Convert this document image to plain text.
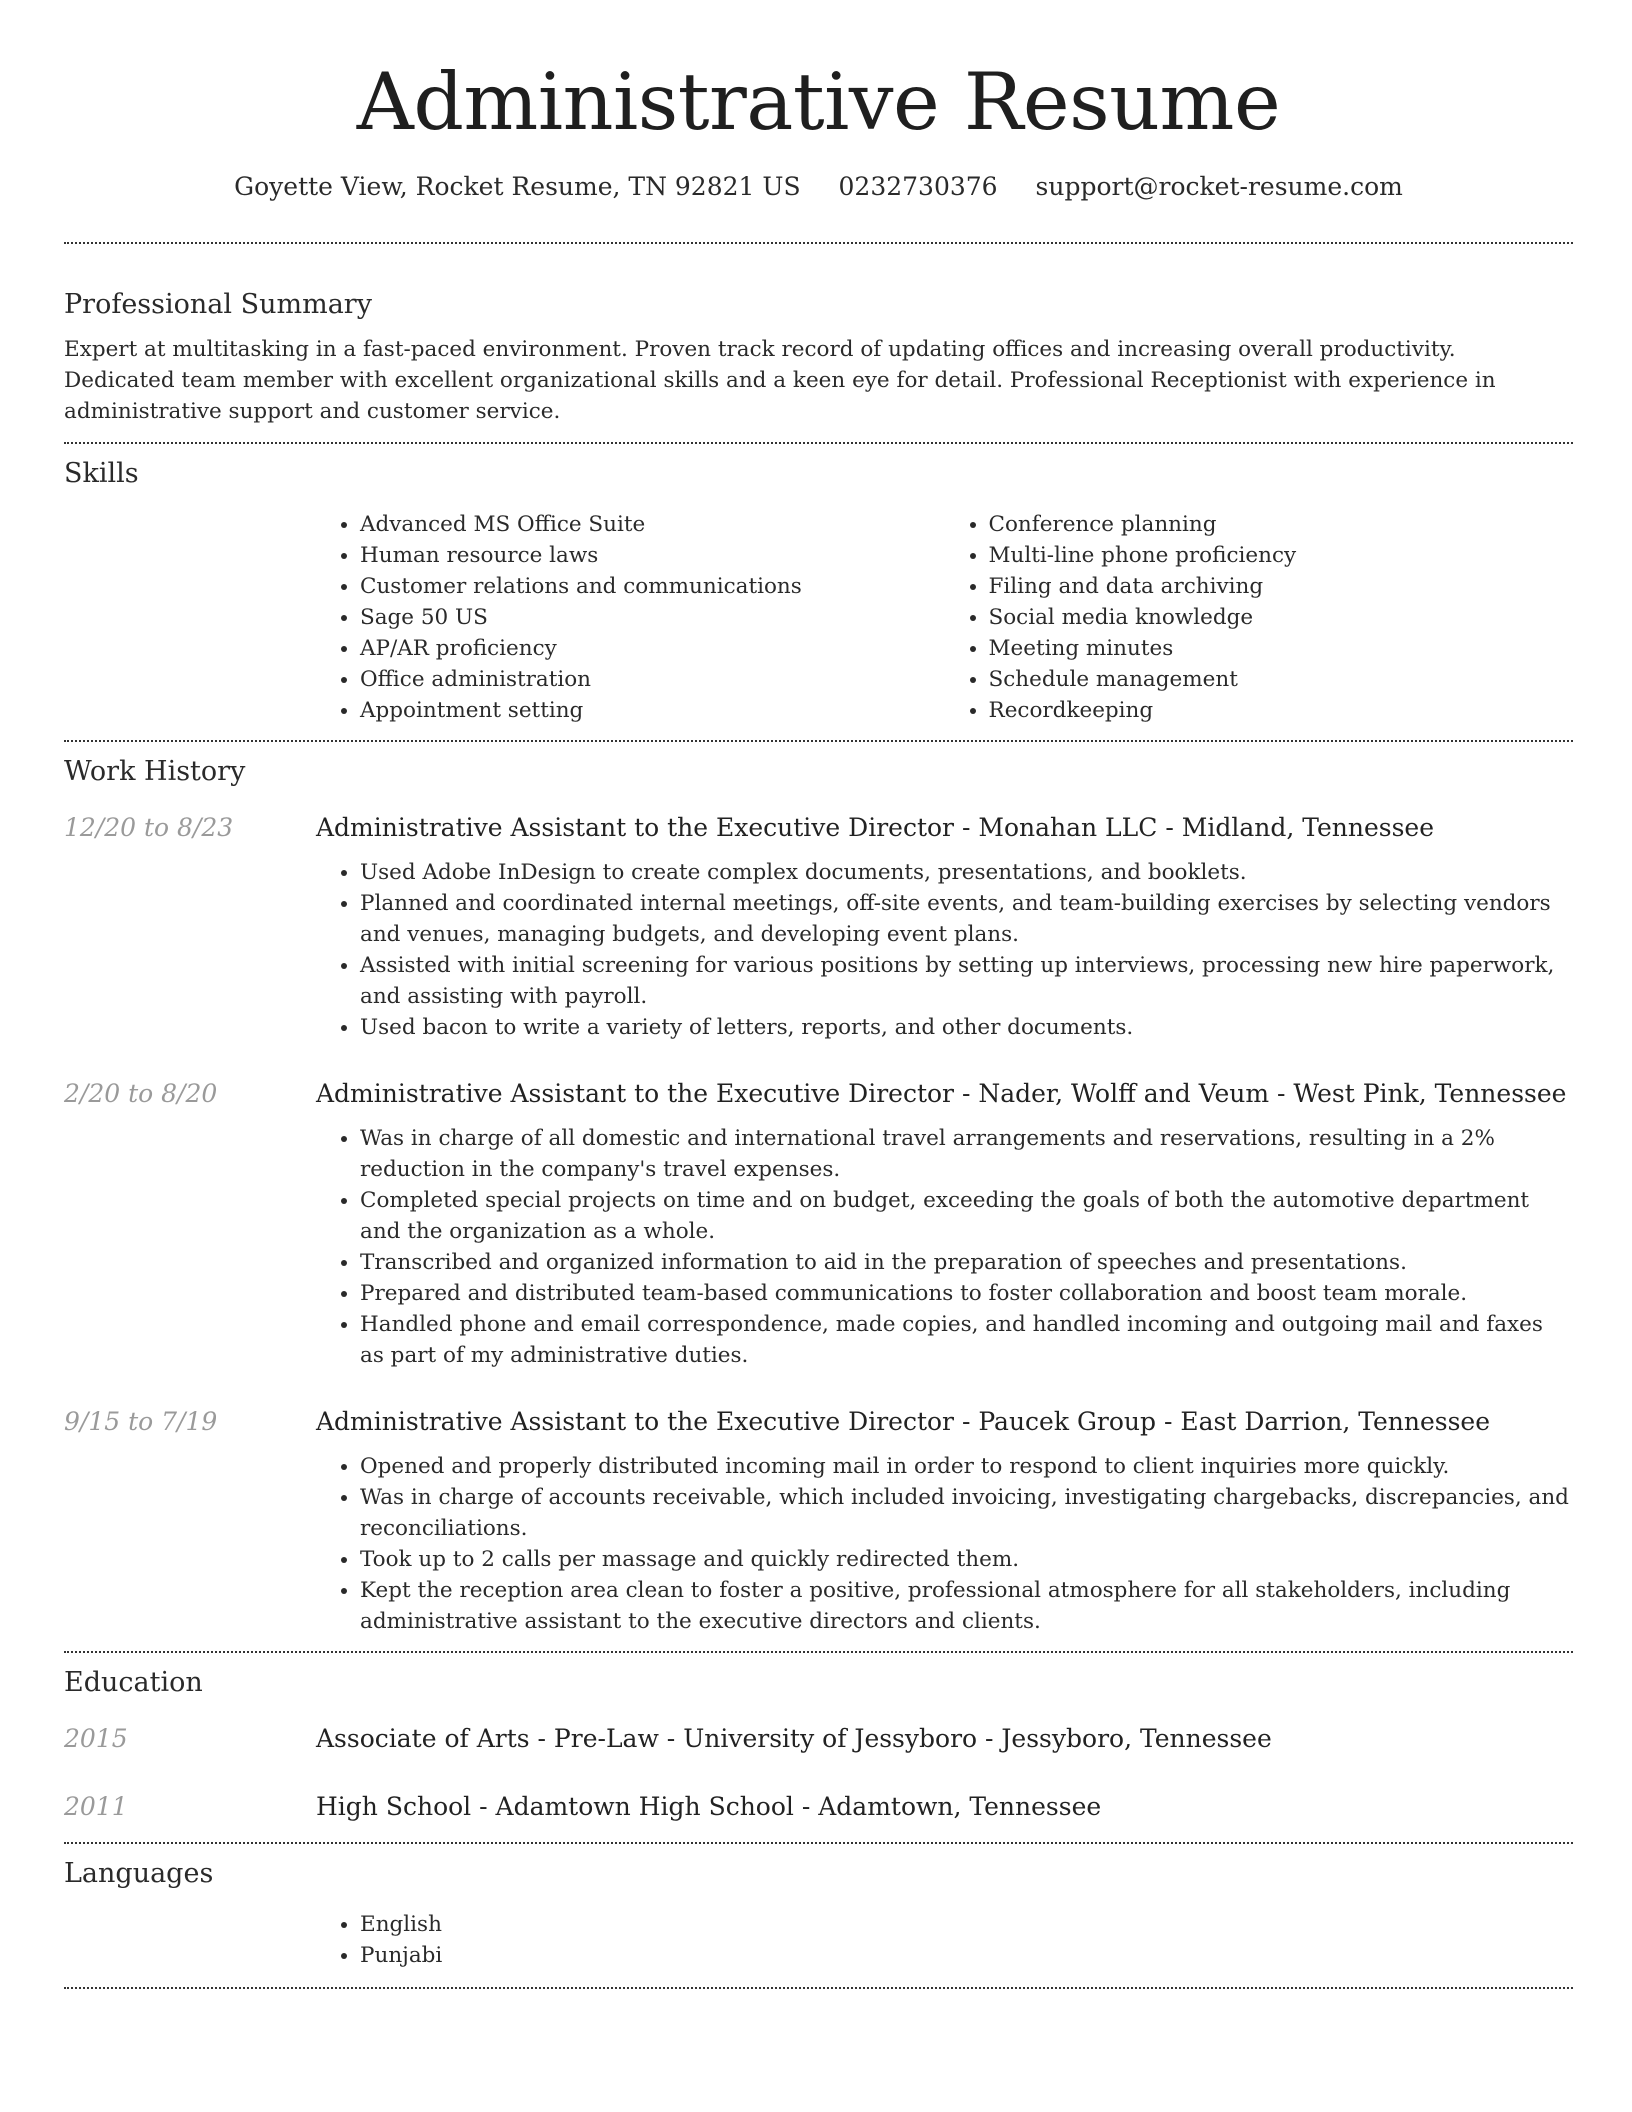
Administrative Resume
Goyette View, Rocket Resume, TN 92821 US 0232730376 support@rocket-resume.com
Professional Summary

Expert at multitasking in a fast-paced environment. Proven track record of updating offices and increasing overall productivity. Dedicated team member with excellent organizational skills and a keen eye for detail. Professional Receptionist with experience in administrative support and customer service.

Skills
• Advanced MS Office Suite
• Human resource laws
• Customer relations and communications
• Sage 50 US
• AP/AR proficiency
• Office administration
• Appointment setting
• Conference planning
• Multi-line phone proficiency
• Filing and data archiving
• Social media knowledge
• Meeting minutes
• Schedule management
• Recordkeeping
Work History
12/20 to 8/23	Administrative Assistant to the Executive Director - Monahan LLC - Midland, Tennessee
• Used Adobe InDesign to create complex documents, presentations, and booklets.
• Planned and coordinated internal meetings, off-site events, and team-building exercises by selecting vendors and venues, managing budgets, and developing event plans.
• Assisted with initial screening for various positions by setting up interviews, processing new hire paperwork, and assisting with payroll.
• Used bacon to write a variety of letters, reports, and other documents.
2/20 to 8/20	Administrative Assistant to the Executive Director - Nader, Wolff and Veum - West Pink, Tennessee
• Was in charge of all domestic and international travel arrangements and reservations, resulting in a 2% reduction in the company's travel expenses.
• Completed special projects on time and on budget, exceeding the goals of both the automotive department and the organization as a whole.
• Transcribed and organized information to aid in the preparation of speeches and presentations.
• Prepared and distributed team-based communications to foster collaboration and boost team morale.
• Handled phone and email correspondence, made copies, and handled incoming and outgoing mail and faxes as part of my administrative duties.
9/15 to 7/19	Administrative Assistant to the Executive Director - Paucek Group - East Darrion, Tennessee
• Opened and properly distributed incoming mail in order to respond to client inquiries more quickly.
• Was in charge of accounts receivable, which included invoicing, investigating chargebacks, discrepancies, and reconciliations.
• Took up to 2 calls per massage and quickly redirected them.
• Kept the reception area clean to foster a positive, professional atmosphere for all stakeholders, including administrative assistant to the executive directors and clients.
Education
2015	Associate of Arts - Pre-Law - University of Jessyboro - Jessyboro, Tennessee
2011	High School - Adamtown High School - Adamtown, Tennessee
Languages
• English
• Punjabi
